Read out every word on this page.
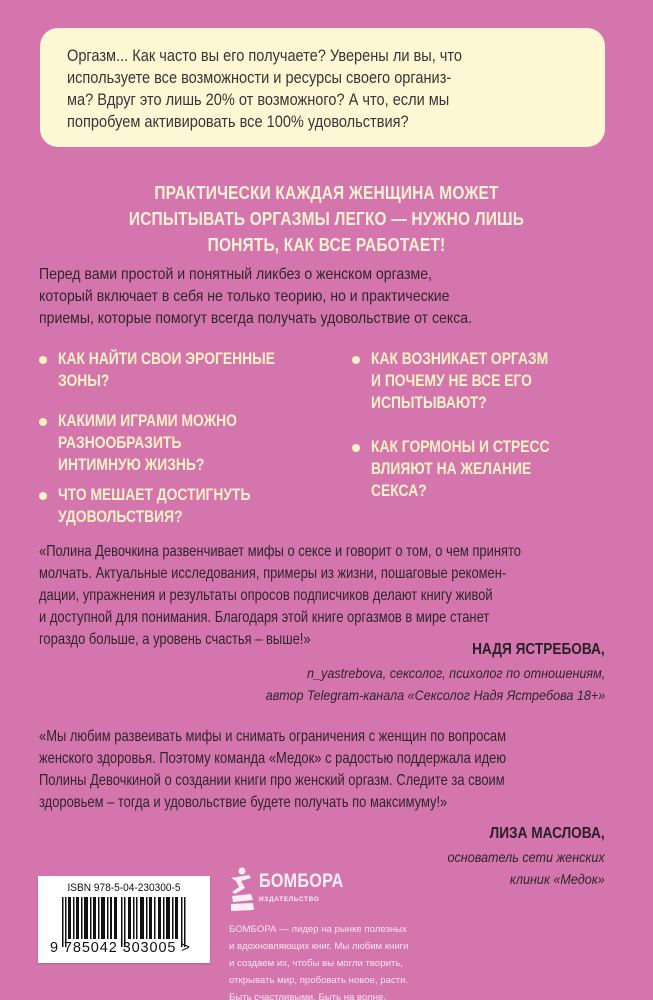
Оргазм... Как часто вы его получаете? Уверены ли вы, что
используете все возможности и ресурсы своего организ-
ма? Вдруг это лишь 20% от возможного? А что, если мы
попробуем активировать все 100% удовольствия?

ПРАКТИЧЕСКИ КАЖДАЯ ЖЕНЩИНА МОЖЕТ
ИСПЫТЫВАТЬ ОРГАЗМЫ ЛЕГКО — НУЖНО ЛИШЬ
ПОНЯТЬ, КАК ВСЕ РАБОТАЕТ!
Перед вами простой и понятный ликбез о женском оргазме,
который включает в себя не только теорию, но и практические
приемы, которые помогут всегда получать удовольствие от секса.
КАК НАЙТИ СВОИ ЭРОГЕННЫЕ
ЗОНЫ?
КАКИМИ ИГРАМИ МОЖНО
РАЗНООБРАЗИТЬ
ИНТИМНУЮ ЖИЗНЬ?
ЧТО МЕШАЕТ ДОСТИГНУТЬ
УДОВОЛЬСТВИЯ?
КАК ВОЗНИКАЕТ ОРГАЗМ
И ПОЧЕМУ НЕ ВСЕ ЕГО
ИСПЫТЫВАЮТ?
КАК ГОРМОНЫ И СТРЕСС
ВЛИЯЮТ НА ЖЕЛАНИЕ
СЕКСА?
«Полина Девочкина развенчивает мифы о сексе и говорит о том, о чем принято
молчать. Актуальные исследования, примеры из жизни, пошаговые рекомен-
дации, упражнения и результаты опросов подписчиков делают книгу живой
и доступной для понимания. Благодаря этой книге оргазмов в мире станет
гораздо больше, а уровень счастья – выше!»
НАДЯ ЯСТРЕБОВА,
n_yastrebova, сексолог, психолог по отношениям,
автор Telegram-канала «Сексолог Надя Ястребова 18+»
«Мы любим развеивать мифы и снимать ограничения с женщин по вопросам
женского здоровья. Поэтому команда «Медок» с радостью поддержала идею
Полины Девочкиной о создании книги про женский оргазм. Следите за своим
здоровьем – тогда и удовольствие будете получать по максимуму!»
ЛИЗА МАСЛОВА,
основатель сети женских
клиник «Медок»
ISBN 978-5-04-230300-5
9 785042 303005 >
БОМБОРА
ИЗДАТЕЛЬСТВО
БОМБОРА — лидер на рынке полезных
и вдохновляющих книг. Мы любим книги
и создаем их, чтобы вы могли творить,
открывать мир, пробовать новое, расти.
Быть счастливыми. Быть на волне.
